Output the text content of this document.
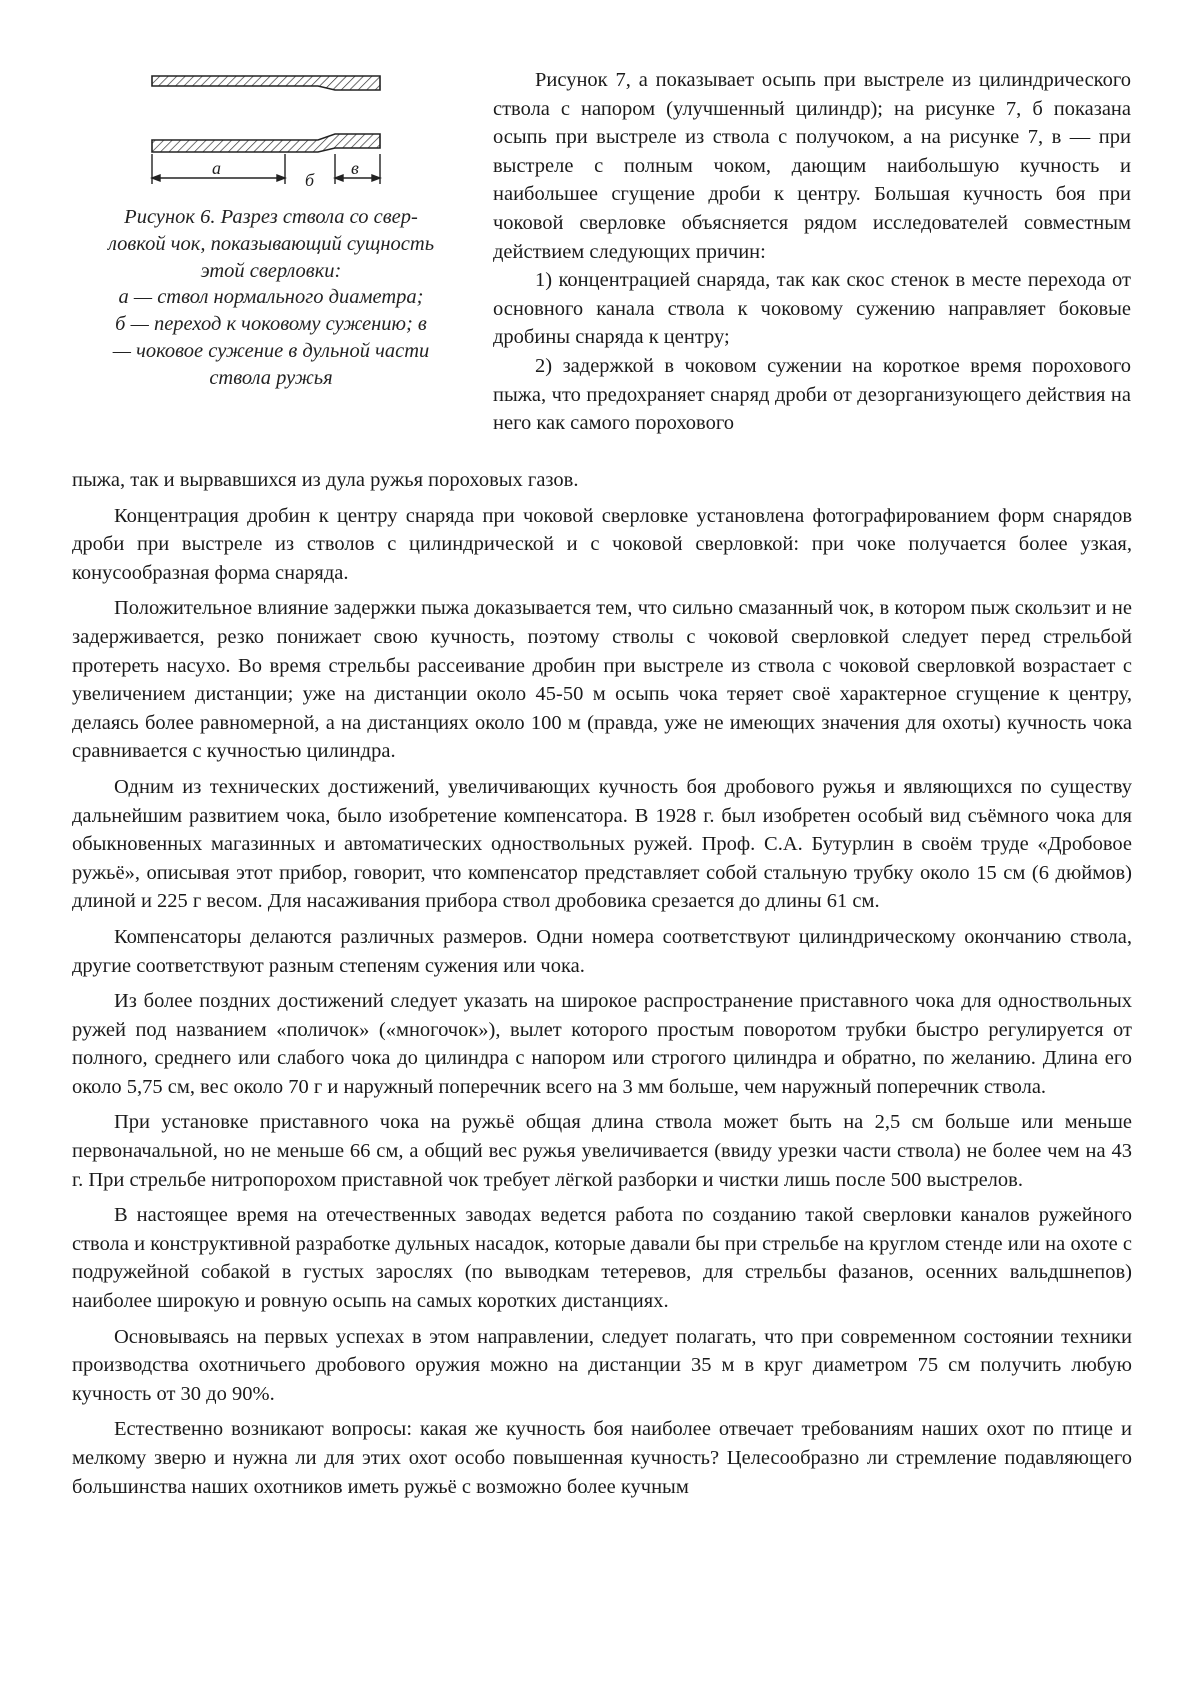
а
б
в

Рисунок 6. Разрез ствола со свер-

ловкой чок, показывающий сущность

этой сверловки:

а — ствол нормального диаметра;

б — переход к чоковому сужению; в

— чоковое сужение в дульной части

ствола ружья

Рисунок 7, а показывает осыпь при выстреле из цилиндрического ствола с напором (улучшенный цилиндр); на рисунке 7, б показана осыпь при выстреле из ствола с получоком, а на рисунке 7, в — при выстреле с полным чоком, дающим наибольшую кучность и наибольшее сгущение дроби к центру. Большая кучность боя при чоковой сверловке объясняется рядом исследователей совместным действием следующих причин:

1) концентрацией снаряда, так как скос стенок в месте перехода от основного канала ствола к чоковому сужению направляет боковые дробины снаряда к центру;

2) задержкой в чоковом сужении на короткое время порохового пыжа, что предохраняет снаряд дроби от дезорганизующего действия на него как самого порохового

пыжа, так и вырвавшихся из дула ружья пороховых газов.

Концентрация дробин к центру снаряда при чоковой сверловке установлена фотографированием форм снарядов дроби при выстреле из стволов с цилиндрической и с чоковой сверловкой: при чоке получается более узкая, конусообразная форма снаряда.

Положительное влияние задержки пыжа доказывается тем, что сильно смазанный чок, в котором пыж скользит и не задерживается, резко понижает свою кучность, поэтому стволы с чоковой сверловкой следует перед стрельбой протереть насухо. Во время стрельбы рассеивание дробин при выстреле из ствола с чоковой сверловкой возрастает с увеличением дистанции; уже на дистанции около 45-50 м осыпь чока теряет своё характерное сгущение к центру, делаясь более равномерной, а на дистанциях около 100 м (правда, уже не имеющих значения для охоты) кучность чока сравнивается с кучностью цилиндра.

Одним из технических достижений, увеличивающих кучность боя дробового ружья и являющихся по существу дальнейшим развитием чока, было изобретение компенсатора. В 1928 г. был изобретен особый вид съёмного чока для обыкновенных магазинных и автоматических одноствольных ружей. Проф. С.А. Бутурлин в своём труде «Дробовое ружьё», описывая этот прибор, говорит, что компенсатор представляет собой стальную трубку около 15 см (6 дюймов) длиной и 225 г весом. Для насаживания прибора ствол дробовика срезается до длины 61 см.

Компенсаторы делаются различных размеров. Одни номера соответствуют цилиндрическому окончанию ствола, другие соответствуют разным степеням сужения или чока.

Из более поздних достижений следует указать на широкое распространение приставного чока для одноствольных ружей под названием «поличок» («многочок»), вылет которого простым поворотом трубки быстро регулируется от полного, среднего или слабого чока до цилиндра с напором или строгого цилиндра и обратно, по желанию. Длина его около 5,75 см, вес около 70 г и наружный поперечник всего на 3 мм больше, чем наружный поперечник ствола.

При установке приставного чока на ружьё общая длина ствола может быть на 2,5 см больше или меньше первоначальной, но не меньше 66 см, а общий вес ружья увеличивается (ввиду урезки части ствола) не более чем на 43 г. При стрельбе нитропорохом приставной чок требует лёгкой разборки и чистки лишь после 500 выстрелов.

В настоящее время на отечественных заводах ведется работа по созданию такой сверловки каналов ружейного ствола и конструктивной разработке дульных насадок, которые давали бы при стрельбе на круглом стенде или на охоте с подружейной собакой в густых зарослях (по выводкам тетеревов, для стрельбы фазанов, осенних вальдшнепов) наиболее широкую и ровную осыпь на самых коротких дистанциях.

Основываясь на первых успехах в этом направлении, следует полагать, что при современном состоянии техники производства охотничьего дробового оружия можно на дистанции 35 м в круг диаметром 75 см получить любую кучность от 30 до 90%.

Естественно возникают вопросы: какая же кучность боя наиболее отвечает требованиям наших охот по птице и мелкому зверю и нужна ли для этих охот особо повышенная кучность? Целесообразно ли стремление подавляющего большинства наших охотников иметь ружьё с возможно более кучным
